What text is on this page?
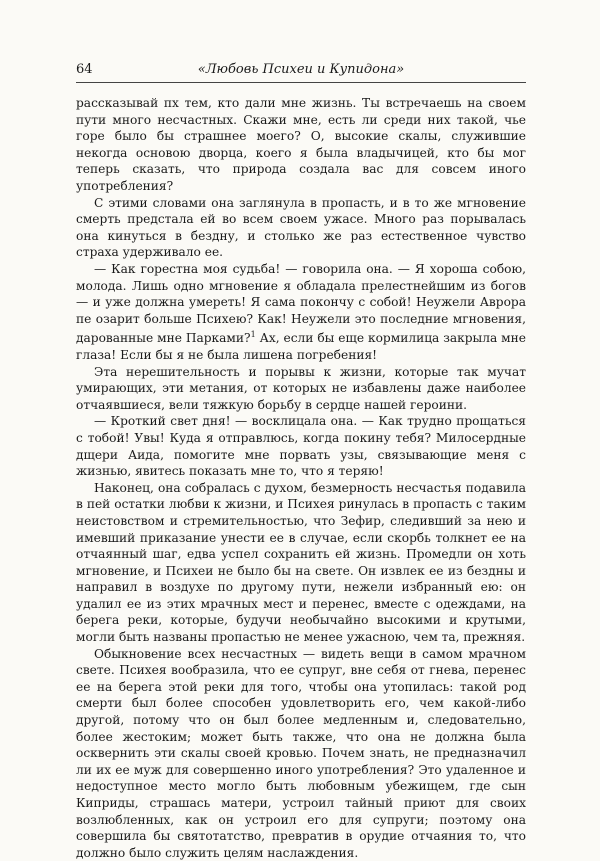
64	«Любовь Психеи и Купидона»

рассказывай пх тем, кто дали мне жизнь. Ты встречаешь на своем пути много несчастных. Скажи мне, есть ли среди них такой, чье горе было бы страшнее моего? О, высокие скалы, служившие некогда основою дворца, коего я была владычицей, кто бы мог теперь сказать, что природа создала вас для совсем иного употребления?

С этими словами она заглянула в пропасть, и в то же мгновение смерть предстала ей во всем своем ужасе. Много раз порывалась она кинуться в бездну, и столько же раз естественное чувство страха удерживало ее.

— Как горестна моя судьба! — говорила она. — Я хороша собою, молода. Лишь одно мгновение я обладала прелестнейшим из богов — и уже должна умереть! Я сама покончу с собой! Неужели Аврора пе озарит больше Психею? Как! Неужели это последние мгновения, дарованные мне Парками?$^1$ Ах, если бы еще кормилица закрыла мне глаза! Если бы я не была лишена погребения!

Эта нерешительность и порывы к жизни, которые так мучат умирающих, эти метания, от которых не избавлены даже наиболее отчаявшиеся, вели тяжкую борьбу в сердце нашей героини.

— Кроткий свет дня! — восклицала она. — Как трудно прощаться с тобой! Увы! Куда я отправлюсь, когда покину тебя? Милосердные дщери Аида, помогите мне порвать узы, связывающие меня с жизнью, явитесь показать мне то, что я теряю!

Наконец, она собралась с духом, безмерность несчастья подавила в пей остатки любви к жизни, и Психея ринулась в пропасть с таким неистовством и стремительностью, что Зефир, следивший за нею и имевший приказание унести ее в случае, если скорбь толкнет ее на отчаянный шаг, едва успел сохранить ей жизнь. Промедли он хоть мгновение, и Психеи не было бы на свете. Он извлек ее из бездны и направил в воздухе по другому пути, нежели избранный ею: он удалил ее из этих мрачных мест и перенес, вместе с одеждами, на берега реки, которые, будучи необычайно высокими и крутыми, могли быть названы пропастью не менее ужасною, чем та, прежняя.

Обыкновение всех несчастных — видеть вещи в самом мрачном свете. Психея вообразила, что ее супруг, вне себя от гнева, перенес ее на берега этой реки для того, чтобы она утопилась: такой род смерти был более способен удовлетворить его, чем какой-либо другой, потому что он был более медленным и, следовательно, более жестоким; может быть также, что она не должна была осквернить эти скалы своей кровью. Почем знать, не предназначил ли их ее муж для совершенно иного употребления? Это удаленное и недоступное место могло быть любовным убежищем, где сын Киприды, страшась матери, устроил тайный приют для своих возлюбленных, как он устроил его для супруги; поэтому она совершила бы святотатство, превратив в орудие отчаяния то, что должно было служить целям наслаждения.
